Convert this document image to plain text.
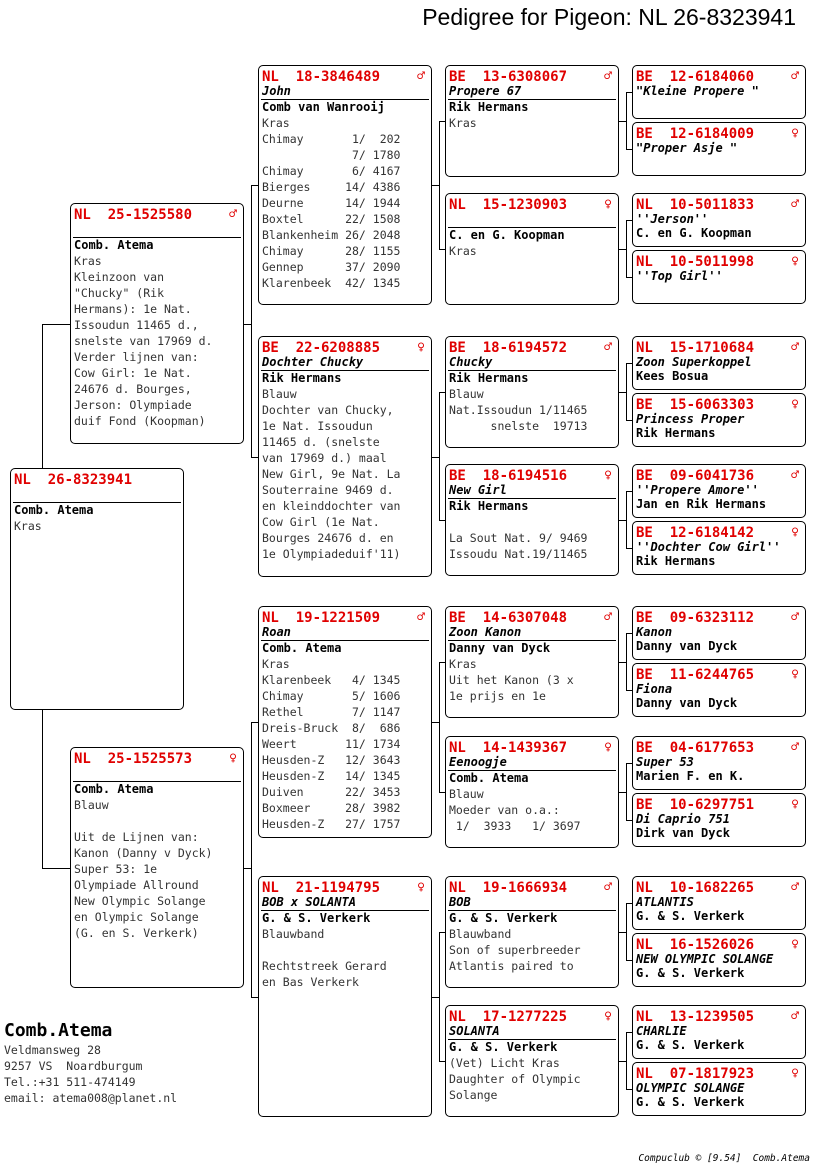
Pedigree for Pigeon: NL 26-8323941
NL  26-8323941
Comb. Atema
Kras
NL  25-1525580	♂
Comb. Atema
Kras
Kleinzoon van
"Chucky" (Rik
Hermans): 1e Nat.
Issoudun 11465 d.,
snelste van 17969 d.
Verder lijnen van:
Cow Girl: 1e Nat.
24676 d. Bourges,
Jerson: Olympiade
duif Fond (Koopman)
NL  25-1525573	♀
Comb. Atema
Blauw
Uit de Lijnen van:
Kanon (Danny v Dyck)
Super 53: 1e
Olympiade Allround
New Olympic Solange
en Olympic Solange
(G. en S. Verkerk)
NL  18-3846489	♂
John
Comb van Wanrooij
Kras
Chimay       1/  202
7/ 1780
Chimay       6/ 4167
Bierges     14/ 4386
Deurne      14/ 1944
Boxtel      22/ 1508
Blankenheim 26/ 2048
Chimay      28/ 1155
Gennep      37/ 2090
Klarenbeek  42/ 1345
BE  22-6208885	♀
Dochter Chucky
Rik Hermans
Blauw
Dochter van Chucky,
1e Nat. Issoudun
11465 d. (snelste
van 17969 d.) maal
New Girl, 9e Nat. La
Souterraine 9469 d.
en kleinddochter van
Cow Girl (1e Nat.
Bourges 24676 d. en
1e Olympiadeduif'11)
NL  19-1221509	♂
Roan
Comb. Atema
Kras
Klarenbeek   4/ 1345
Chimay       5/ 1606
Rethel       7/ 1147
Dreis-Bruck  8/  686
Weert       11/ 1734
Heusden-Z   12/ 3643
Heusden-Z   14/ 1345
Duiven      22/ 3453
Boxmeer     28/ 3982
Heusden-Z   27/ 1757
NL  21-1194795	♀
BOB x SOLANTA
G. & S. Verkerk
Blauwband
Rechtstreek Gerard
en Bas Verkerk
BE  13-6308067	♂
Propere 67
Rik Hermans
Kras
NL  15-1230903	♀
C. en G. Koopman
Kras
BE  18-6194572	♂
Chucky
Rik Hermans
Blauw
Nat.Issoudun 1/11465
snelste  19713
BE  18-6194516	♀
New Girl
Rik Hermans
La Sout Nat. 9/ 9469
Issoudu Nat.19/11465
BE  14-6307048	♂
Zoon Kanon
Danny van Dyck
Kras
Uit het Kanon (3 x
1e prijs en 1e
NL  14-1439367	♀
Eenoogje
Comb. Atema
Blauw
Moeder van o.a.:
1/  3933   1/ 3697
NL  19-1666934	♂
BOB
G. & S. Verkerk
Blauwband
Son of superbreeder
Atlantis paired to
NL  17-1277225	♀
SOLANTA
G. & S. Verkerk
(Vet) Licht Kras
Daughter of Olympic
Solange
BE  12-6184060	♂
"Kleine Propere "
BE  12-6184009	♀
"Proper Asje "
NL  10-5011833	♂
''Jerson''
C. en G. Koopman
NL  10-5011998	♀
''Top Girl''
NL  15-1710684	♂
Zoon Superkoppel
Kees Bosua
BE  15-6063303	♀
Princess Proper
Rik Hermans
BE  09-6041736	♂
''Propere Amore''
Jan en Rik Hermans
BE  12-6184142	♀
''Dochter Cow Girl''
Rik Hermans
BE  09-6323112	♂
Kanon
Danny van Dyck
BE  11-6244765	♀
Fiona
Danny van Dyck
BE  04-6177653	♂
Super 53
Marien F. en K.
BE  10-6297751	♀
Di Caprio 751
Dirk van Dyck
NL  10-1682265	♂
ATLANTIS
G. & S. Verkerk
NL  16-1526026	♀
NEW OLYMPIC SOLANGE
G. & S. Verkerk
NL  13-1239505	♂
CHARLIE
G. & S. Verkerk
NL  07-1817923	♀
OLYMPIC SOLANGE
G. & S. Verkerk
Comb.Atema
Veldmansweg 28
9257 VS  Noardburgum
Tel.:+31 511-474149
email: atema008@planet.nl
Compuclub © [9.54]  Comb.Atema
